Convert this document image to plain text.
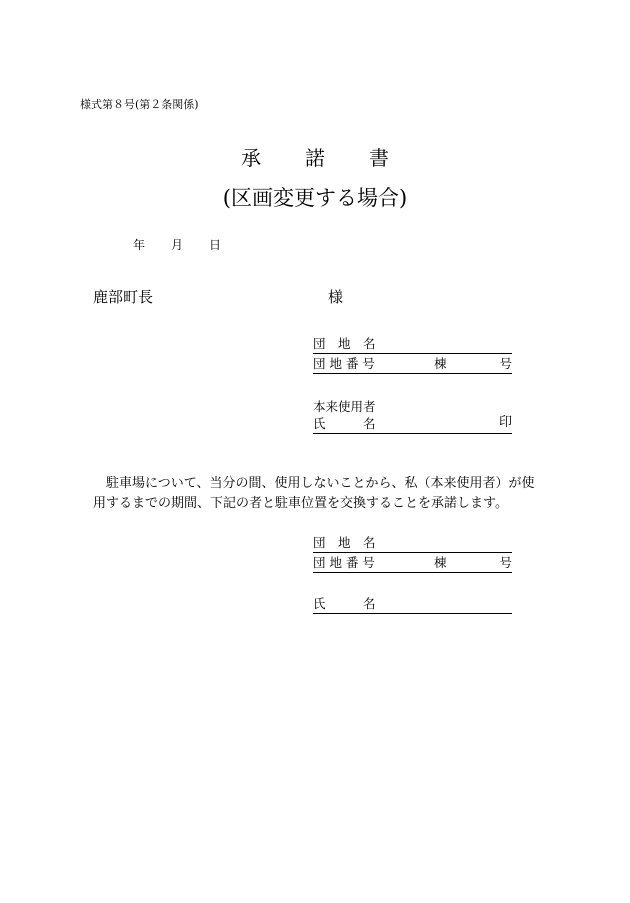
様式第８号(第２条関係)
承 諾 書
(区画変更する場合)
年 月 日
鹿部町長	様
団　地　名
団 地 番 号	棟	号
本来使用者
氏　　　名	印
駐車場について、当分の間、使用しないことから、私（本来使用者）が使
用するまでの期間、下記の者と駐車位置を交換することを承諾します。
団　地　名
団 地 番 号	棟	号
氏　　　名
